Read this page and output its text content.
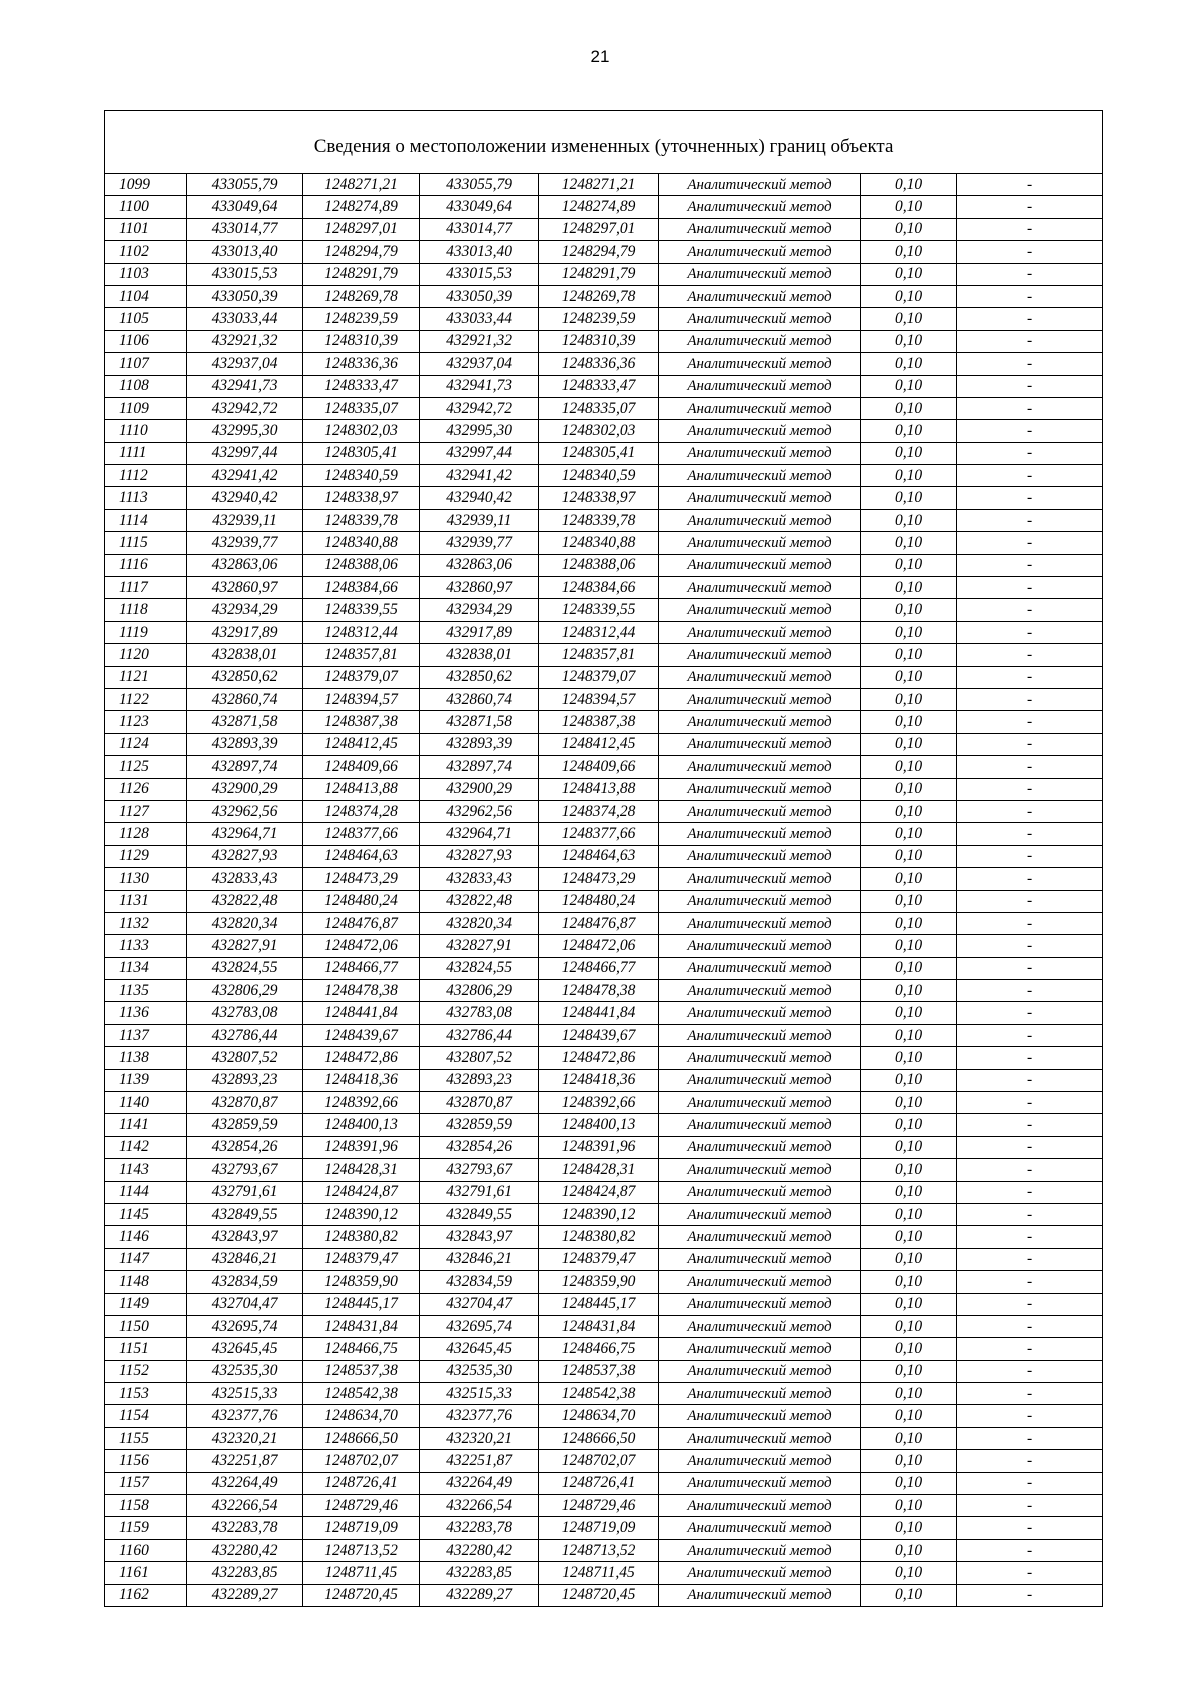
21
Сведения о местоположении измененных (уточненных) границ объекта							
1099	433055,79	1248271,21	433055,79	1248271,21	Аналитический метод	0,10	-
1100	433049,64	1248274,89	433049,64	1248274,89	Аналитический метод	0,10	-
1101	433014,77	1248297,01	433014,77	1248297,01	Аналитический метод	0,10	-
1102	433013,40	1248294,79	433013,40	1248294,79	Аналитический метод	0,10	-
1103	433015,53	1248291,79	433015,53	1248291,79	Аналитический метод	0,10	-
1104	433050,39	1248269,78	433050,39	1248269,78	Аналитический метод	0,10	-
1105	433033,44	1248239,59	433033,44	1248239,59	Аналитический метод	0,10	-
1106	432921,32	1248310,39	432921,32	1248310,39	Аналитический метод	0,10	-
1107	432937,04	1248336,36	432937,04	1248336,36	Аналитический метод	0,10	-
1108	432941,73	1248333,47	432941,73	1248333,47	Аналитический метод	0,10	-
1109	432942,72	1248335,07	432942,72	1248335,07	Аналитический метод	0,10	-
1110	432995,30	1248302,03	432995,30	1248302,03	Аналитический метод	0,10	-
1111	432997,44	1248305,41	432997,44	1248305,41	Аналитический метод	0,10	-
1112	432941,42	1248340,59	432941,42	1248340,59	Аналитический метод	0,10	-
1113	432940,42	1248338,97	432940,42	1248338,97	Аналитический метод	0,10	-
1114	432939,11	1248339,78	432939,11	1248339,78	Аналитический метод	0,10	-
1115	432939,77	1248340,88	432939,77	1248340,88	Аналитический метод	0,10	-
1116	432863,06	1248388,06	432863,06	1248388,06	Аналитический метод	0,10	-
1117	432860,97	1248384,66	432860,97	1248384,66	Аналитический метод	0,10	-
1118	432934,29	1248339,55	432934,29	1248339,55	Аналитический метод	0,10	-
1119	432917,89	1248312,44	432917,89	1248312,44	Аналитический метод	0,10	-
1120	432838,01	1248357,81	432838,01	1248357,81	Аналитический метод	0,10	-
1121	432850,62	1248379,07	432850,62	1248379,07	Аналитический метод	0,10	-
1122	432860,74	1248394,57	432860,74	1248394,57	Аналитический метод	0,10	-
1123	432871,58	1248387,38	432871,58	1248387,38	Аналитический метод	0,10	-
1124	432893,39	1248412,45	432893,39	1248412,45	Аналитический метод	0,10	-
1125	432897,74	1248409,66	432897,74	1248409,66	Аналитический метод	0,10	-
1126	432900,29	1248413,88	432900,29	1248413,88	Аналитический метод	0,10	-
1127	432962,56	1248374,28	432962,56	1248374,28	Аналитический метод	0,10	-
1128	432964,71	1248377,66	432964,71	1248377,66	Аналитический метод	0,10	-
1129	432827,93	1248464,63	432827,93	1248464,63	Аналитический метод	0,10	-
1130	432833,43	1248473,29	432833,43	1248473,29	Аналитический метод	0,10	-
1131	432822,48	1248480,24	432822,48	1248480,24	Аналитический метод	0,10	-
1132	432820,34	1248476,87	432820,34	1248476,87	Аналитический метод	0,10	-
1133	432827,91	1248472,06	432827,91	1248472,06	Аналитический метод	0,10	-
1134	432824,55	1248466,77	432824,55	1248466,77	Аналитический метод	0,10	-
1135	432806,29	1248478,38	432806,29	1248478,38	Аналитический метод	0,10	-
1136	432783,08	1248441,84	432783,08	1248441,84	Аналитический метод	0,10	-
1137	432786,44	1248439,67	432786,44	1248439,67	Аналитический метод	0,10	-
1138	432807,52	1248472,86	432807,52	1248472,86	Аналитический метод	0,10	-
1139	432893,23	1248418,36	432893,23	1248418,36	Аналитический метод	0,10	-
1140	432870,87	1248392,66	432870,87	1248392,66	Аналитический метод	0,10	-
1141	432859,59	1248400,13	432859,59	1248400,13	Аналитический метод	0,10	-
1142	432854,26	1248391,96	432854,26	1248391,96	Аналитический метод	0,10	-
1143	432793,67	1248428,31	432793,67	1248428,31	Аналитический метод	0,10	-
1144	432791,61	1248424,87	432791,61	1248424,87	Аналитический метод	0,10	-
1145	432849,55	1248390,12	432849,55	1248390,12	Аналитический метод	0,10	-
1146	432843,97	1248380,82	432843,97	1248380,82	Аналитический метод	0,10	-
1147	432846,21	1248379,47	432846,21	1248379,47	Аналитический метод	0,10	-
1148	432834,59	1248359,90	432834,59	1248359,90	Аналитический метод	0,10	-
1149	432704,47	1248445,17	432704,47	1248445,17	Аналитический метод	0,10	-
1150	432695,74	1248431,84	432695,74	1248431,84	Аналитический метод	0,10	-
1151	432645,45	1248466,75	432645,45	1248466,75	Аналитический метод	0,10	-
1152	432535,30	1248537,38	432535,30	1248537,38	Аналитический метод	0,10	-
1153	432515,33	1248542,38	432515,33	1248542,38	Аналитический метод	0,10	-
1154	432377,76	1248634,70	432377,76	1248634,70	Аналитический метод	0,10	-
1155	432320,21	1248666,50	432320,21	1248666,50	Аналитический метод	0,10	-
1156	432251,87	1248702,07	432251,87	1248702,07	Аналитический метод	0,10	-
1157	432264,49	1248726,41	432264,49	1248726,41	Аналитический метод	0,10	-
1158	432266,54	1248729,46	432266,54	1248729,46	Аналитический метод	0,10	-
1159	432283,78	1248719,09	432283,78	1248719,09	Аналитический метод	0,10	-
1160	432280,42	1248713,52	432280,42	1248713,52	Аналитический метод	0,10	-
1161	432283,85	1248711,45	432283,85	1248711,45	Аналитический метод	0,10	-
1162	432289,27	1248720,45	432289,27	1248720,45	Аналитический метод	0,10	-
